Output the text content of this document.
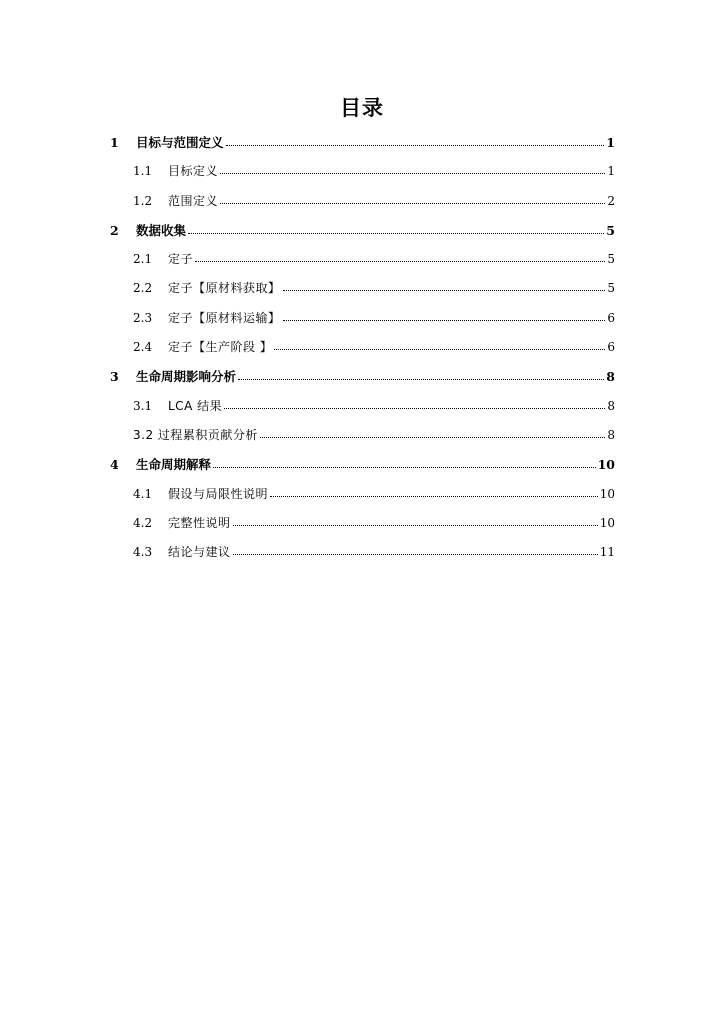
目录
1	目标与范围定义	1
1.1	目标定义	1
1.2	范围定义	2
2	数据收集	5
2.1	定子	5
2.2	定子【原材料获取】	5
2.3	定子【原材料运输】	6
2.4	定子【生产阶段 】	6
3	生命周期影响分析	8
3.1	LCA 结果	8
3.2 过程累积贡献分析	8
4	生命周期解释	10
4.1	假设与局限性说明	10
4.2	完整性说明	10
4.3	结论与建议	11
